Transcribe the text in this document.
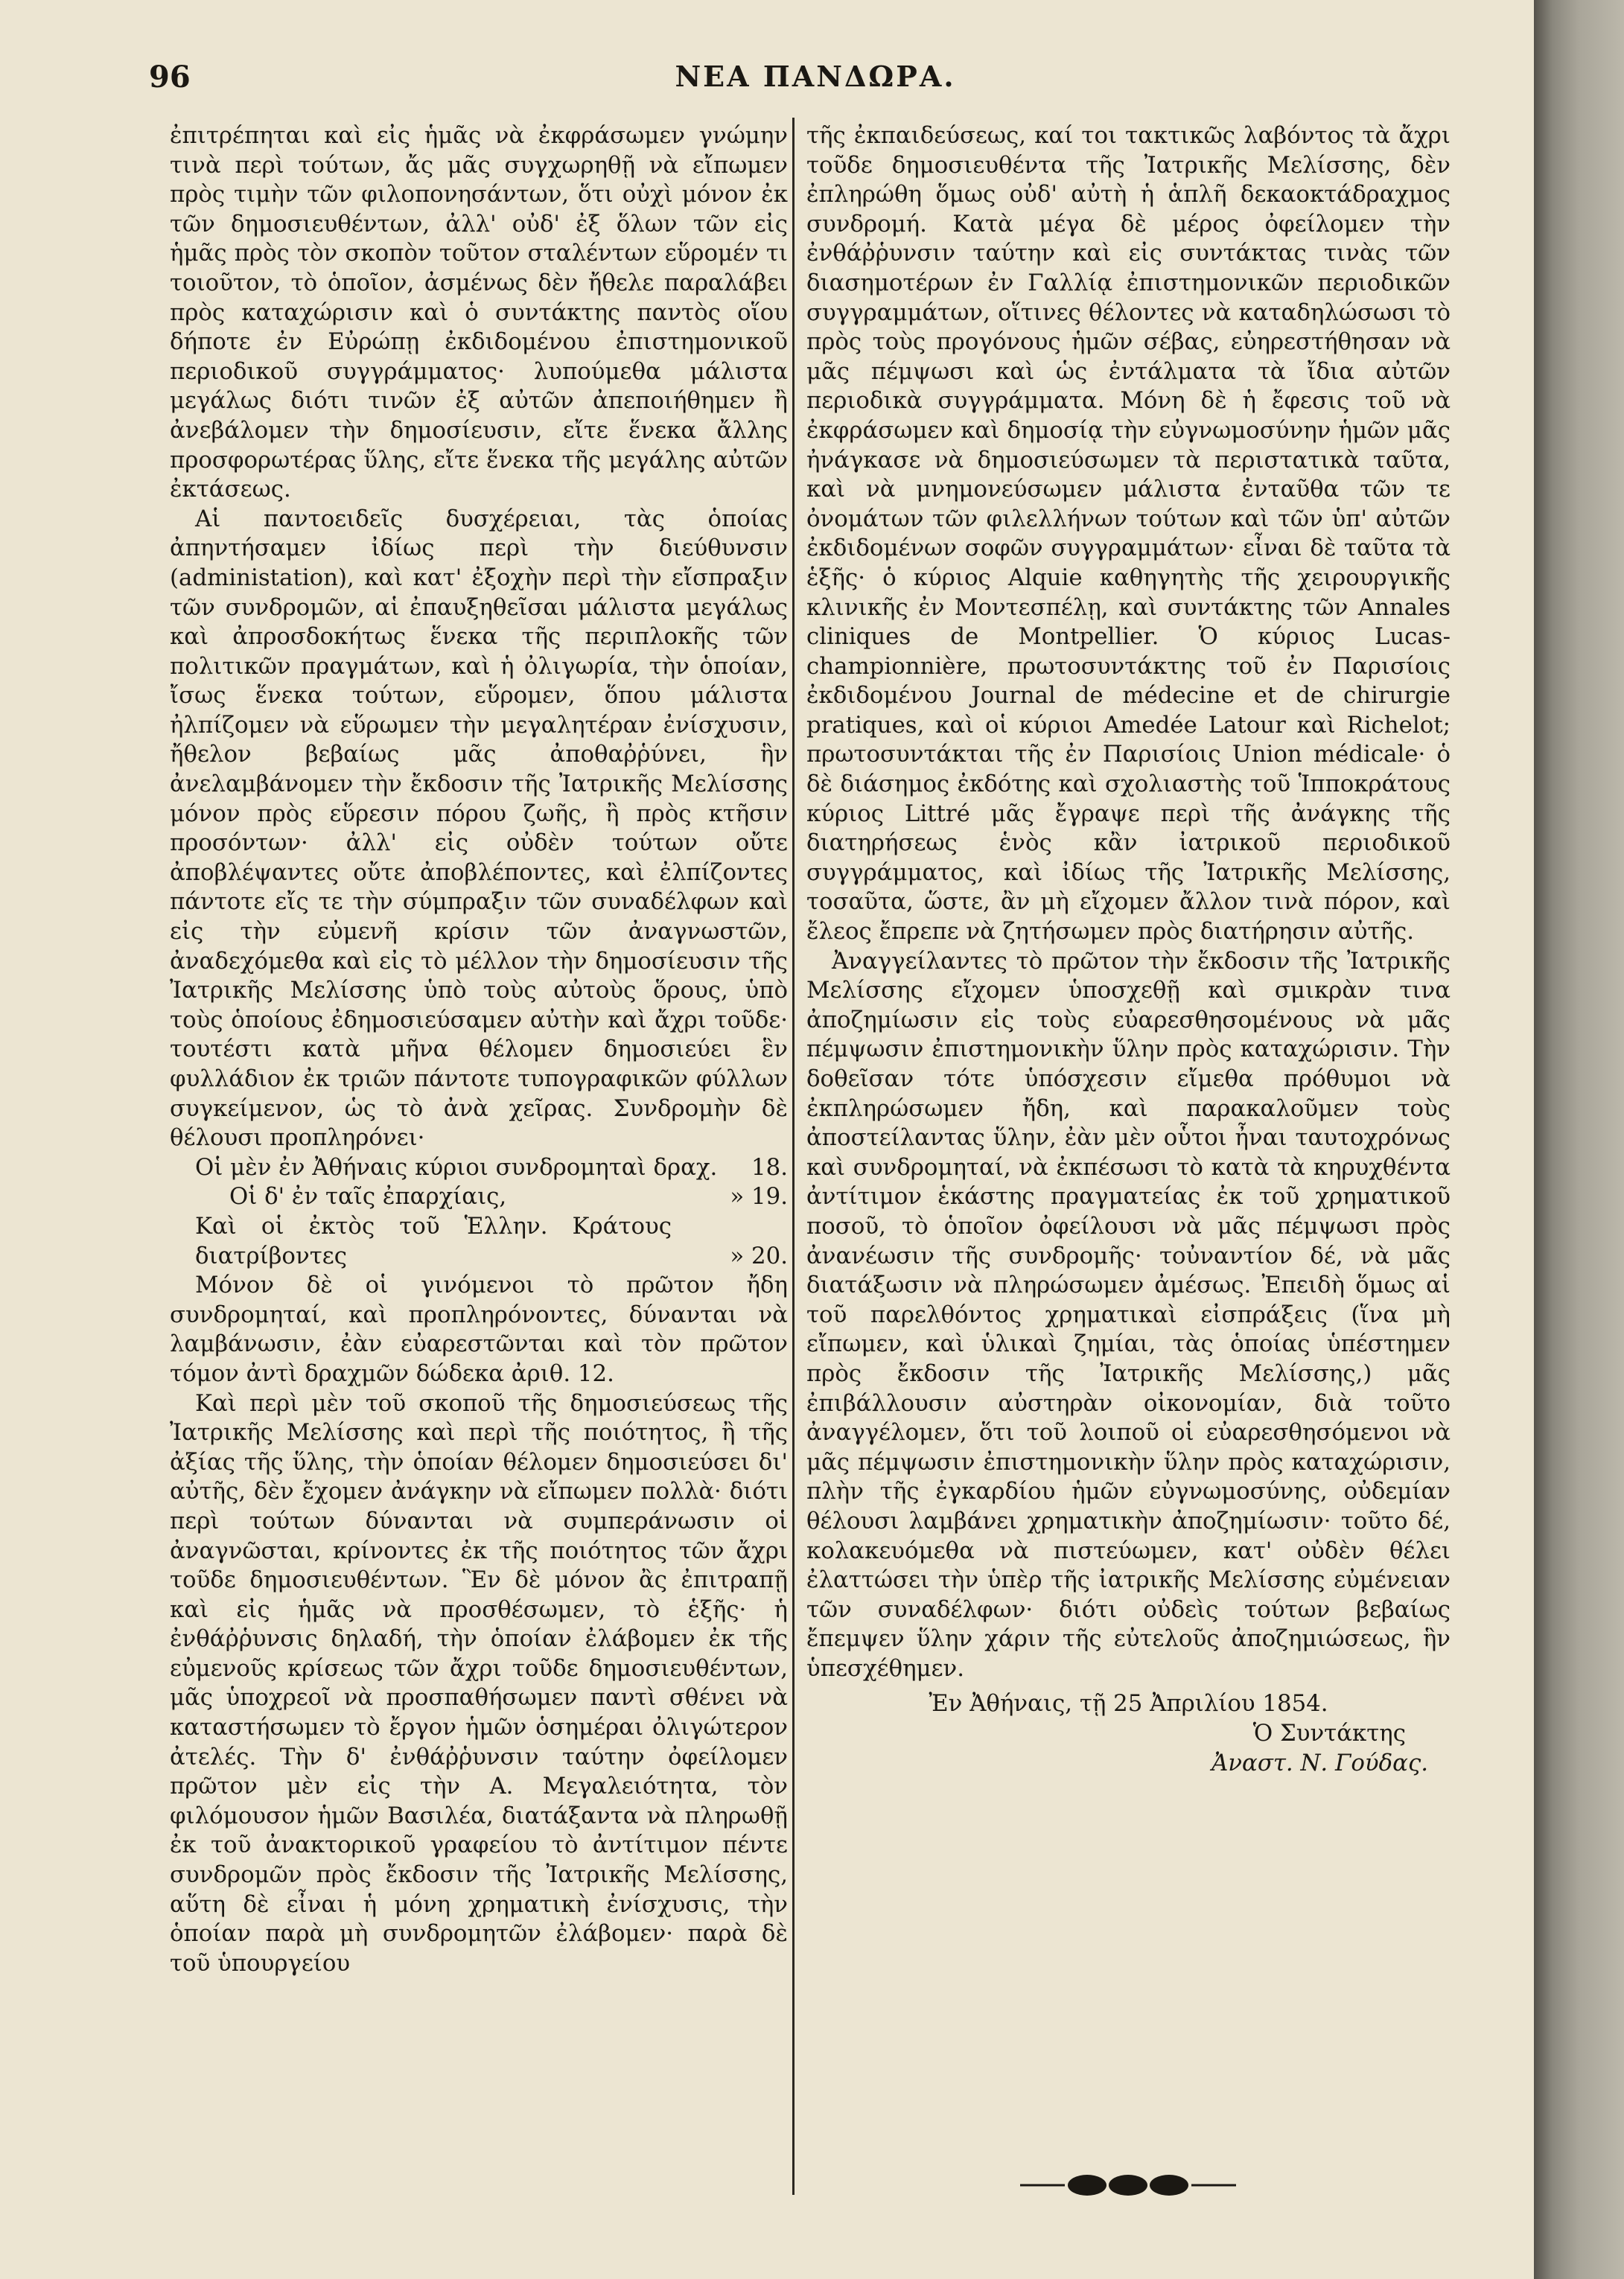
96	ΝΕΑ ΠΑΝΔΩΡΑ.

ἐπιτρέπηται καὶ εἰς ἡμᾶς νὰ ἐκφράσωμεν γνώμην τινὰ περὶ τούτων, ἄς μᾶς συγχωρηθῇ νὰ εἴπωμεν πρὸς τιμὴν τῶν φιλοπονησάντων, ὅτι οὐχὶ μόνον ἐκ τῶν δημοσιευθέντων, ἀλλ' οὐδ' ἐξ ὅλων τῶν εἰς ἡμᾶς πρὸς τὸν σκοπὸν τοῦτον σταλέντων εὕρομέν τι τοιοῦτον, τὸ ὁποῖον, ἀσμένως δὲν ἤθελε παραλάβει πρὸς καταχώρισιν καὶ ὁ συντάκτης παντὸς οἵου δήποτε ἐν Εὐρώπῃ ἐκδιδομένου ἐπιστημονικοῦ περιοδικοῦ συγγράμματος· λυπούμεθα μάλιστα μεγάλως διότι τινῶν ἐξ αὐτῶν ἀπεποιήθημεν ἢ ἀνεβάλομεν τὴν δημοσίευσιν, εἴτε ἕνεκα ἄλλης προσφορωτέρας ὕλης, εἴτε ἕνεκα τῆς μεγάλης αὐτῶν ἐκτάσεως.

Αἱ παντοειδεῖς δυσχέρειαι, τὰς ὁποίας ἀπηντήσαμεν ἰδίως περὶ τὴν διεύθυνσιν (administation), καὶ κατ' ἐξοχὴν περὶ τὴν εἴσπραξιν τῶν συνδρομῶν, αἱ ἐπαυξηθεῖσαι μάλιστα μεγάλως καὶ ἀπροσδοκήτως ἕνεκα τῆς περιπλοκῆς τῶν πολιτικῶν πραγμάτων, καὶ ἡ ὀλιγωρία, τὴν ὁποίαν, ἴσως ἕνεκα τούτων, εὕρομεν, ὅπου μάλιστα ἠλπίζομεν νὰ εὕρωμεν τὴν μεγαλητέραν ἐνίσχυσιν, ἤθελον βεβαίως μᾶς ἀποθαῤῥύνει, ἣν ἀνελαμβάνομεν τὴν ἔκδοσιν τῆς Ἰατρικῆς Μελίσσης μόνον πρὸς εὕρεσιν πόρου ζωῆς, ἢ πρὸς κτῆσιν προσόντων· ἀλλ' εἰς οὐδὲν τούτων οὔτε ἀποβλέψαντες οὔτε ἀποβλέποντες, καὶ ἐλπίζοντες πάντοτε εἴς τε τὴν σύμπραξιν τῶν συναδέλφων καὶ εἰς τὴν εὐμενῆ κρίσιν τῶν ἀναγνωστῶν, ἀναδεχόμεθα καὶ εἰς τὸ μέλλον τὴν δημοσίευσιν τῆς Ἰατρικῆς Μελίσσης ὑπὸ τοὺς αὐτοὺς ὅρους, ὑπὸ τοὺς ὁποίους ἐδημοσιεύσαμεν αὐτὴν καὶ ἄχρι τοῦδε· τουτέστι κατὰ μῆνα θέλομεν δημοσιεύει ἓν φυλλάδιον ἐκ τριῶν πάντοτε τυπογραφικῶν φύλλων συγκείμενον, ὡς τὸ ἀνὰ χεῖρας. Συνδρομὴν δὲ θέλουσι προπληρόνει·

Οἱ μὲν ἐν Ἀθήναις κύριοι συνδρομηταὶ δραχ. 18.
Οἱ δ' ἐν ταῖς ἐπαρχίαις,	» 19.
Καὶ οἱ ἐκτὸς τοῦ Ἑλλην. Κράτους διατρίβοντες	» 20.

Μόνον δὲ οἱ γινόμενοι τὸ πρῶτον ἤδη συνδρομηταί, καὶ προπληρόνοντες, δύνανται νὰ λαμβάνωσιν, ἐὰν εὐαρεστῶνται καὶ τὸν πρῶτον τόμον ἀντὶ δραχμῶν δώδεκα ἀριθ. 12.

Καὶ περὶ μὲν τοῦ σκοποῦ τῆς δημοσιεύσεως τῆς Ἰατρικῆς Μελίσσης καὶ περὶ τῆς ποιότητος, ἢ τῆς ἀξίας τῆς ὕλης, τὴν ὁποίαν θέλομεν δημοσιεύσει δι' αὐτῆς, δὲν ἔχομεν ἀνάγκην νὰ εἴπωμεν πολλὰ· διότι περὶ τούτων δύνανται νὰ συμπεράνωσιν οἱ ἀναγνῶσται, κρίνοντες ἐκ τῆς ποιότητος τῶν ἄχρι τοῦδε δημοσιευθέντων. Ἓν δὲ μόνον ἂς ἐπιτραπῇ καὶ εἰς ἡμᾶς νὰ προσθέσωμεν, τὸ ἑξῆς· ἡ ἐνθάῤῥυνσις δηλαδή, τὴν ὁποίαν ἐλάβομεν ἐκ τῆς εὐμενοῦς κρίσεως τῶν ἄχρι τοῦδε δημοσιευθέντων, μᾶς ὑποχρεοῖ νὰ προσπαθήσωμεν παντὶ σθένει νὰ καταστήσωμεν τὸ ἔργον ἡμῶν ὁσημέραι ὀλιγώτερον ἀτελές. Τὴν δ' ἐνθάῤῥυνσιν ταύτην ὀφείλομεν πρῶτον μὲν εἰς τὴν Α. Μεγαλειότητα, τὸν φιλόμουσον ἡμῶν Βασιλέα, διατάξαντα νὰ πληρωθῇ ἐκ τοῦ ἀνακτορικοῦ γραφείου τὸ ἀντίτιμον πέντε συνδρομῶν πρὸς ἔκδοσιν τῆς Ἰατρικῆς Μελίσσης, αὕτη δὲ εἶναι ἡ μόνη χρηματικὴ ἐνίσχυσις, τὴν ὁποίαν παρὰ μὴ συνδρομητῶν ἐλάβομεν· παρὰ δὲ τοῦ ὑπουργείου

τῆς ἐκπαιδεύσεως, καί τοι τακτικῶς λαβόντος τὰ ἄχρι τοῦδε δημοσιευθέντα τῆς Ἰατρικῆς Μελίσσης, δὲν ἐπληρώθη ὅμως οὐδ' αὐτὴ ἡ ἁπλῆ δεκαοκτάδραχμος συνδρομή. Κατὰ μέγα δὲ μέρος ὀφείλομεν τὴν ἐνθάῤῥυνσιν ταύτην καὶ εἰς συντάκτας τινὰς τῶν διασημοτέρων ἐν Γαλλίᾳ ἐπιστημονικῶν περιοδικῶν συγγραμμάτων, οἵτινες θέλοντες νὰ καταδηλώσωσι τὸ πρὸς τοὺς προγόνους ἡμῶν σέβας, εὐηρεστήθησαν νὰ μᾶς πέμψωσι καὶ ὡς ἐντάλματα τὰ ἴδια αὐτῶν περιοδικὰ συγγράμματα. Μόνη δὲ ἡ ἔφεσις τοῦ νὰ ἐκφράσωμεν καὶ δημοσίᾳ τὴν εὐγνωμοσύνην ἡμῶν μᾶς ἠνάγκασε νὰ δημοσιεύσωμεν τὰ περιστατικὰ ταῦτα, καὶ νὰ μνημονεύσωμεν μάλιστα ἐνταῦθα τῶν τε ὀνομάτων τῶν φιλελλήνων τούτων καὶ τῶν ὑπ' αὐτῶν ἐκδιδομένων σοφῶν συγγραμμάτων· εἶναι δὲ ταῦτα τὰ ἑξῆς· ὁ κύριος Alquie καθηγητὴς τῆς χειρουργικῆς κλινικῆς ἐν Μοντεσπέλῃ, καὶ συντάκτης τῶν Annales cliniques de Montpellier. Ὁ κύριος Lucas-championnière, πρωτοσυντάκτης τοῦ ἐν Παρισίοις ἐκδιδομένου Journal de médecine et de chirurgie pratiques, καὶ οἱ κύριοι Amedée Latour καὶ Richelot; πρωτοσυντάκται τῆς ἐν Παρισίοις Union médicale· ὁ δὲ διάσημος ἐκδότης καὶ σχολιαστὴς τοῦ Ἱπποκράτους κύριος Littré μᾶς ἔγραψε περὶ τῆς ἀνάγκης τῆς διατηρήσεως ἑνὸς κἂν ἰατρικοῦ περιοδικοῦ συγγράμματος, καὶ ἰδίως τῆς Ἰατρικῆς Μελίσσης, τοσαῦτα, ὥστε, ἂν μὴ εἴχομεν ἄλλον τινὰ πόρον, καὶ ἔλεος ἔπρεπε νὰ ζητήσωμεν πρὸς διατήρησιν αὐτῆς.

Ἀναγγείλαντες τὸ πρῶτον τὴν ἔκδοσιν τῆς Ἰατρικῆς Μελίσσης εἴχομεν ὑποσχεθῇ καὶ σμικρὰν τινα ἀποζημίωσιν εἰς τοὺς εὐαρεσθησομένους νὰ μᾶς πέμψωσιν ἐπιστημονικὴν ὕλην πρὸς καταχώρισιν. Τὴν δοθεῖσαν τότε ὑπόσχεσιν εἴμεθα πρόθυμοι νὰ ἐκπληρώσωμεν ἤδη, καὶ παρακαλοῦμεν τοὺς ἀποστείλαντας ὕλην, ἐὰν μὲν οὗτοι ἦναι ταυτοχρόνως καὶ συνδρομηταί, νὰ ἐκπέσωσι τὸ κατὰ τὰ κηρυχθέντα ἀντίτιμον ἑκάστης πραγματείας ἐκ τοῦ χρηματικοῦ ποσοῦ, τὸ ὁποῖον ὀφείλουσι νὰ μᾶς πέμψωσι πρὸς ἀνανέωσιν τῆς συνδρομῆς· τοὐναντίον δέ, νὰ μᾶς διατάξωσιν νὰ πληρώσωμεν ἀμέσως. Ἐπειδὴ ὅμως αἱ τοῦ παρελθόντος χρηματικαὶ εἰσπράξεις (ἵνα μὴ εἴπωμεν, καὶ ὑλικαὶ ζημίαι, τὰς ὁποίας ὑπέστημεν πρὸς ἔκδοσιν τῆς Ἰατρικῆς Μελίσσης,) μᾶς ἐπιβάλλουσιν αὐστηρὰν οἰκονομίαν, διὰ τοῦτο ἀναγγέλομεν, ὅτι τοῦ λοιποῦ οἱ εὐαρεσθησόμενοι νὰ μᾶς πέμψωσιν ἐπιστημονικὴν ὕλην πρὸς καταχώρισιν, πλὴν τῆς ἐγκαρδίου ἡμῶν εὐγνωμοσύνης, οὐδεμίαν θέλουσι λαμβάνει χρηματικὴν ἀποζημίωσιν· τοῦτο δέ, κολακευόμεθα νὰ πιστεύωμεν, κατ' οὐδὲν θέλει ἐλαττώσει τὴν ὑπὲρ τῆς ἰατρικῆς Μελίσσης εὐμένειαν τῶν συναδέλφων· διότι οὐδεὶς τούτων βεβαίως ἔπεμψεν ὕλην χάριν τῆς εὐτελοῦς ἀποζημιώσεως, ἣν ὑπεσχέθημεν.

Ἐν Ἀθήναις, τῇ 25 Ἀπριλίου 1854.

Ὁ Συντάκτης

Ἀναστ. Ν. Γούδας.
